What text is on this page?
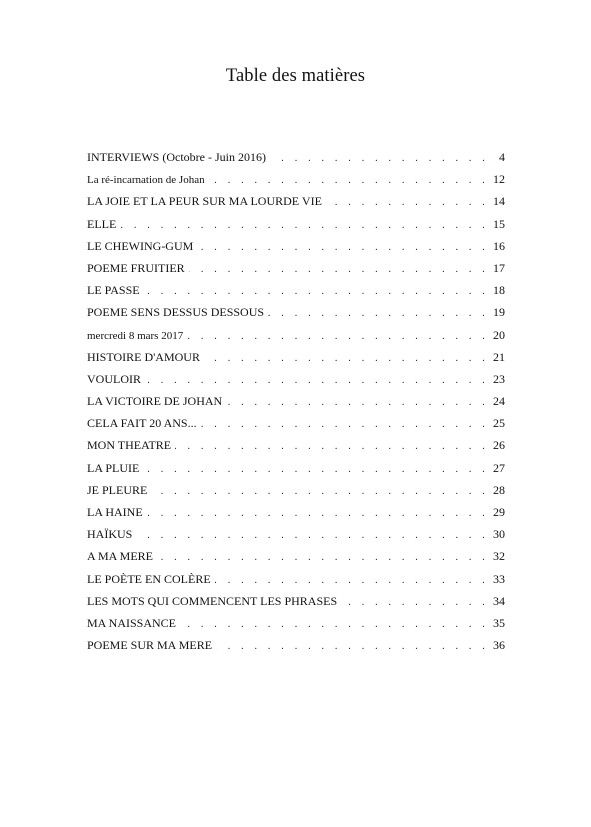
Table des matières
INTERVIEWS (Octobre - Juin 2016) . . .	4
La ré-incarnation de Johan . . .	12
LA JOIE ET LA PEUR SUR MA LOURDE VIE . . .	14
ELLE . . .	15
LE CHEWING-GUM . . .	16
POEME FRUITIER . . .	17
LE PASSE . . .	18
POEME SENS DESSUS DESSOUS . . .	19
mercredi 8 mars 2017 . . .	20
HISTOIRE D'AMOUR . . .	21
VOULOIR . . .	23
LA VICTOIRE DE JOHAN . . .	24
CELA FAIT 20 ANS... . . .	25
MON THEATRE . . .	26
LA PLUIE . . .	27
JE PLEURE . . .	28
LA HAINE . . .	29
HAÏKUS . . .	30
A MA MERE . . .	32
LE POÈTE EN COLÈRE . . .	33
LES MOTS QUI COMMENCENT LES PHRASES . . .	34
MA NAISSANCE . . .	35
POEME SUR MA MERE . . .	36
